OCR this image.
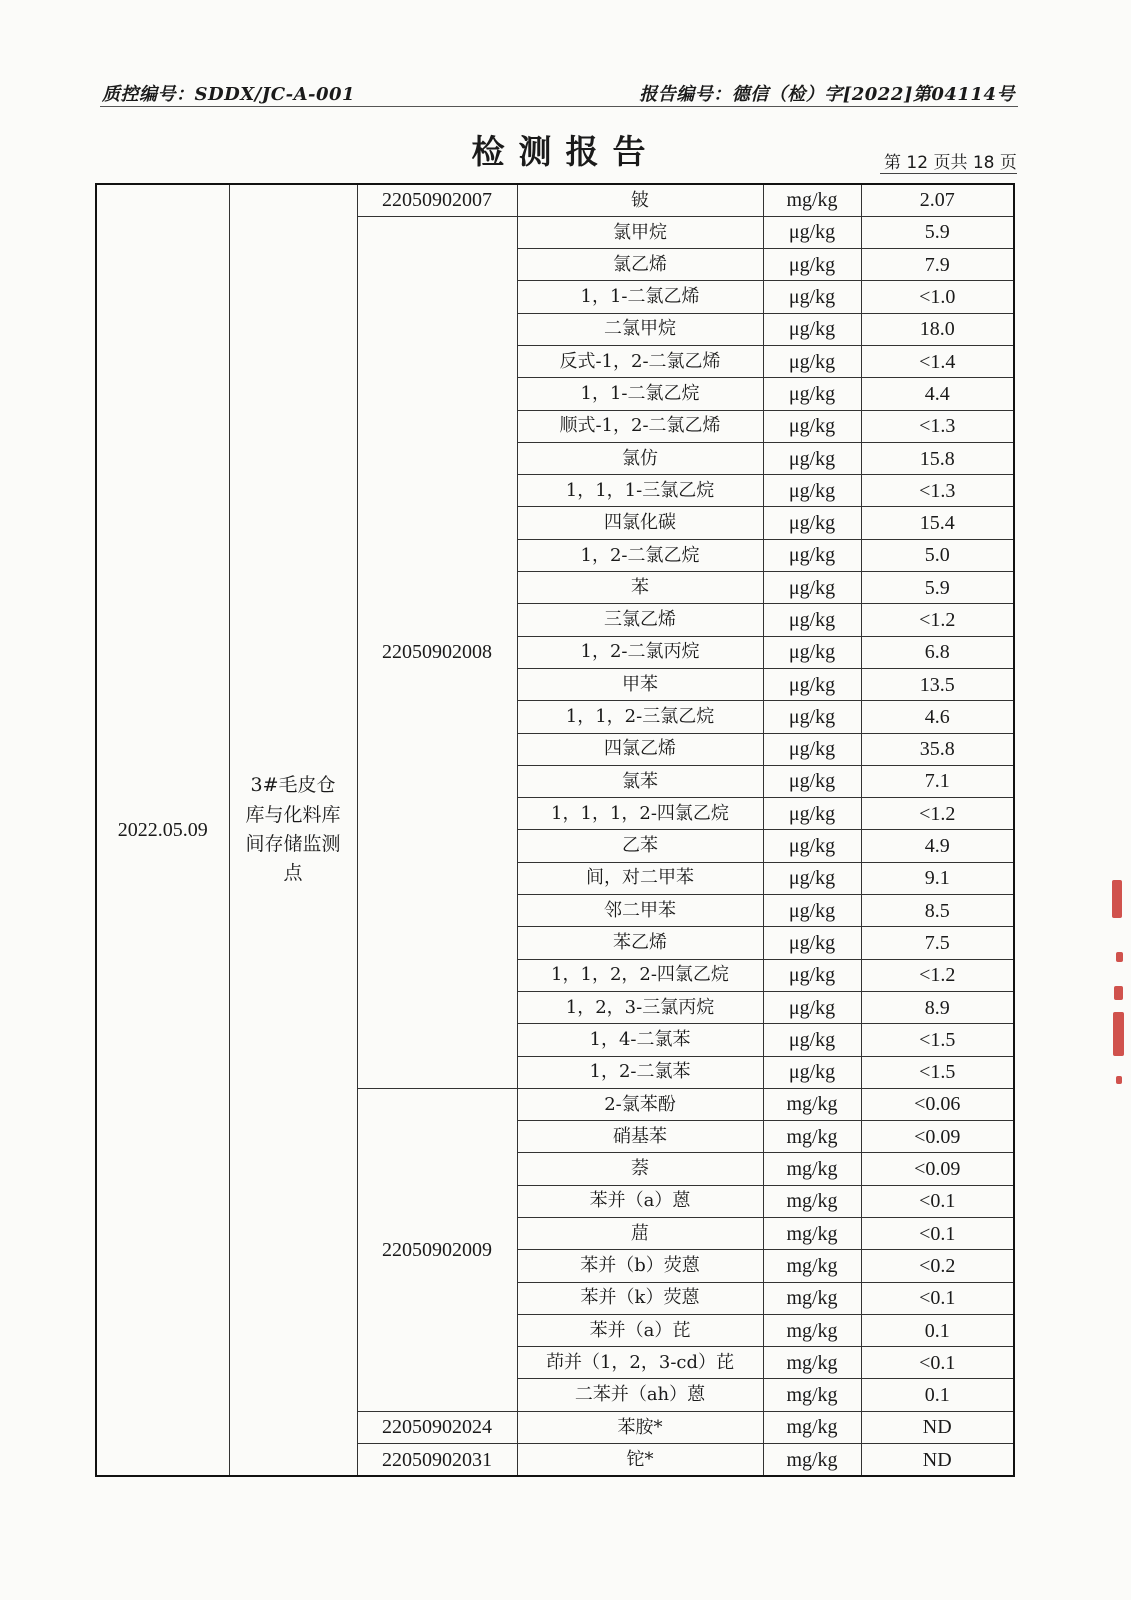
质控编号：SDDX/JC-A-001	报告编号：德信（检）字[2022]第04114号
检测报告	第 12 页共 18 页
2022.05.09	3#毛皮仓库与化料库间存储监测点	22050902007	铍	mg/kg	2.07
		22050902008	氯甲烷	μg/kg	5.9
			氯乙烯	μg/kg	7.9
			1，1-二氯乙烯	μg/kg	<1.0
			二氯甲烷	μg/kg	18.0
			反式-1，2-二氯乙烯	μg/kg	<1.4
			1，1-二氯乙烷	μg/kg	4.4
			顺式-1，2-二氯乙烯	μg/kg	<1.3
			氯仿	μg/kg	15.8
			1，1，1-三氯乙烷	μg/kg	<1.3
			四氯化碳	μg/kg	15.4
			1，2-二氯乙烷	μg/kg	5.0
			苯	μg/kg	5.9
			三氯乙烯	μg/kg	<1.2
			1，2-二氯丙烷	μg/kg	6.8
			甲苯	μg/kg	13.5
			1，1，2-三氯乙烷	μg/kg	4.6
			四氯乙烯	μg/kg	35.8
			氯苯	μg/kg	7.1
			1，1，1，2-四氯乙烷	μg/kg	<1.2
			乙苯	μg/kg	4.9
			间，对二甲苯	μg/kg	9.1
			邻二甲苯	μg/kg	8.5
			苯乙烯	μg/kg	7.5
			1，1，2，2-四氯乙烷	μg/kg	<1.2
			1，2，3-三氯丙烷	μg/kg	8.9
			1，4-二氯苯	μg/kg	<1.5
			1，2-二氯苯	μg/kg	<1.5
		22050902009	2-氯苯酚	mg/kg	<0.06
			硝基苯	mg/kg	<0.09
			萘	mg/kg	<0.09
			苯并（a）蒽	mg/kg	<0.1
			䓛	mg/kg	<0.1
			苯并（b）荧蒽	mg/kg	<0.2
			苯并（k）荧蒽	mg/kg	<0.1
			苯并（a）芘	mg/kg	0.1
			茚并（1，2，3-cd）芘	mg/kg	<0.1
			二苯并（ah）蒽	mg/kg	0.1
		22050902024	苯胺*	mg/kg	ND
		22050902031	铊*	mg/kg	ND
